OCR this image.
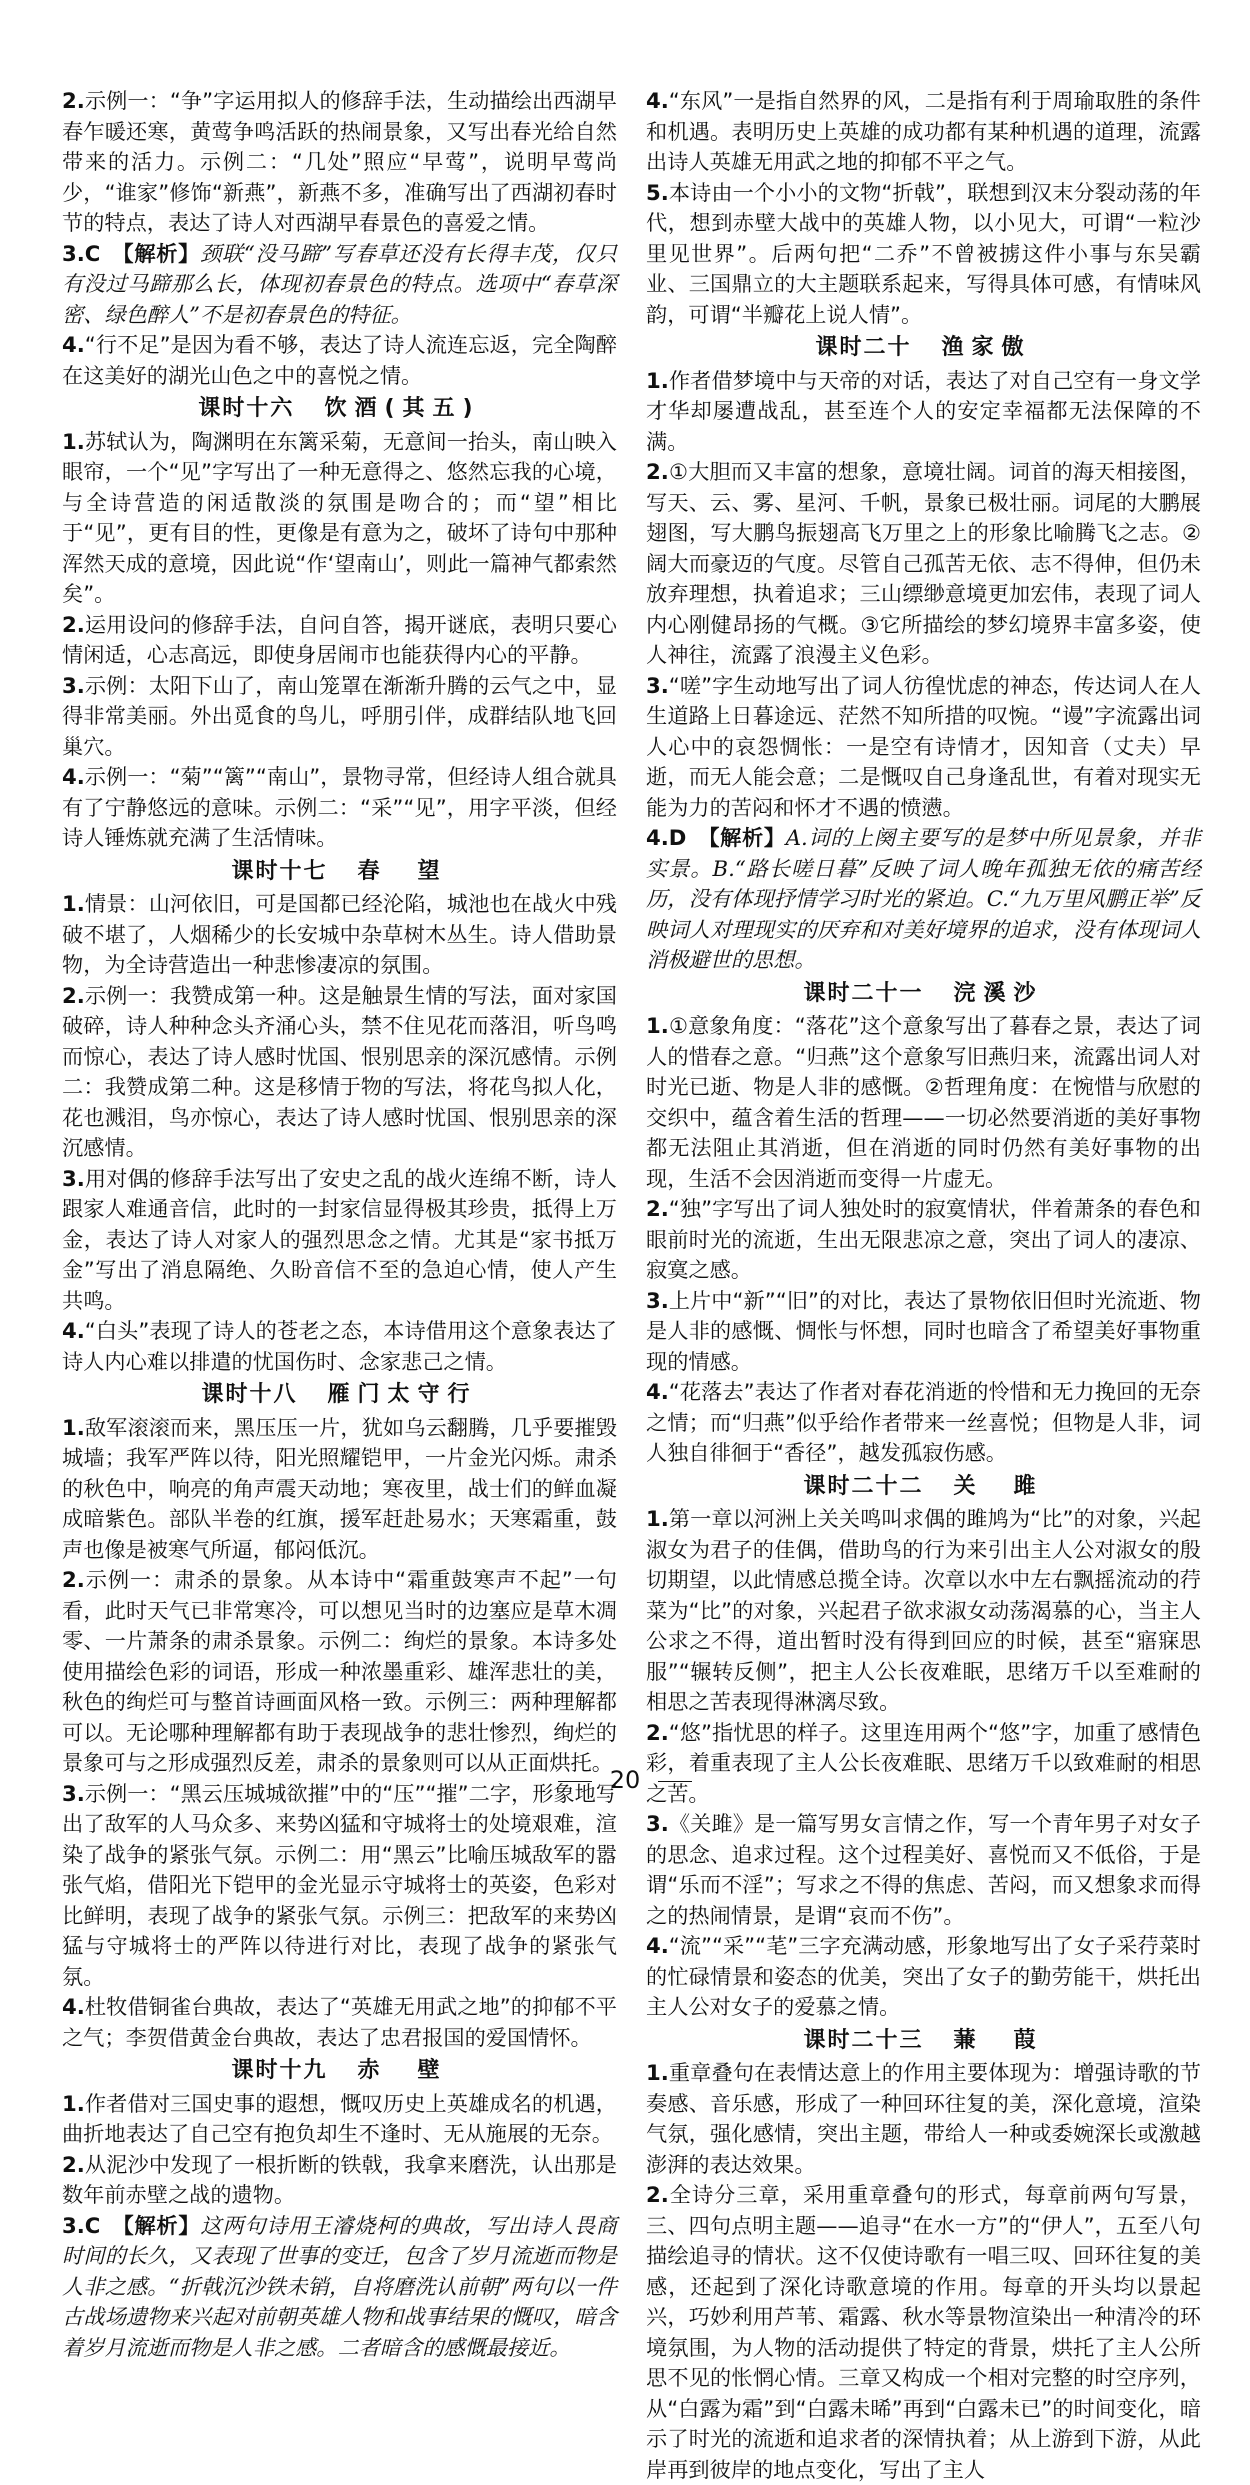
2.示例一：“争”字运用拟人的修辞手法，生动描绘出西湖早春乍暖还寒，黄莺争鸣活跃的热闹景象，又写出春光给自然带来的活力。示例二：“几处”照应“早莺”，说明早莺尚少，“谁家”修饰“新燕”，新燕不多，准确写出了西湖初春时节的特点，表达了诗人对西湖早春景色的喜爱之情。
3.C　【解析】颈联“没马蹄”写春草还没有长得丰茂，仅只有没过马蹄那么长，体现初春景色的特点。选项中“春草深密、绿色醉人”不是初春景色的特征。
4.“行不足”是因为看不够，表达了诗人流连忘返，完全陶醉在这美好的湖光山色之中的喜悦之情。
课时十六 饮酒(其五)
1.苏轼认为，陶渊明在东篱采菊，无意间一抬头，南山映入眼帘，一个“见”字写出了一种无意得之、悠然忘我的心境，与全诗营造的闲适散淡的氛围是吻合的；而“望”相比于“见”，更有目的性，更像是有意为之，破坏了诗句中那种浑然天成的意境，因此说“作‘望南山’，则此一篇神气都索然矣”。
2.运用设问的修辞手法，自问自答，揭开谜底，表明只要心情闲适，心志高远，即使身居闹市也能获得内心的平静。
3.示例：太阳下山了，南山笼罩在渐渐升腾的云气之中，显得非常美丽。外出觅食的鸟儿，呼朋引伴，成群结队地飞回巢穴。
4.示例一：“菊”“篱”“南山”，景物寻常，但经诗人组合就具有了宁静悠远的意味。示例二：“采”“见”，用字平淡，但经诗人锤炼就充满了生活情味。
课时十七 春　望
1.情景：山河依旧，可是国都已经沦陷，城池也在战火中残破不堪了，人烟稀少的长安城中杂草树木丛生。诗人借助景物，为全诗营造出一种悲惨凄凉的氛围。
2.示例一：我赞成第一种。这是触景生情的写法，面对家国破碎，诗人种种念头齐涌心头，禁不住见花而落泪，听鸟鸣而惊心，表达了诗人感时忧国、恨别思亲的深沉感情。示例二：我赞成第二种。这是移情于物的写法，将花鸟拟人化，花也溅泪，鸟亦惊心，表达了诗人感时忧国、恨别思亲的深沉感情。
3.用对偶的修辞手法写出了安史之乱的战火连绵不断，诗人跟家人难通音信，此时的一封家信显得极其珍贵，抵得上万金，表达了诗人对家人的强烈思念之情。尤其是“家书抵万金”写出了消息隔绝、久盼音信不至的急迫心情，使人产生共鸣。
4.“白头”表现了诗人的苍老之态，本诗借用这个意象表达了诗人内心难以排遣的忧国伤时、念家悲己之情。
课时十八 雁门太守行
1.敌军滚滚而来，黑压压一片，犹如乌云翻腾，几乎要摧毁城墙；我军严阵以待，阳光照耀铠甲，一片金光闪烁。肃杀的秋色中，响亮的角声震天动地；寒夜里，战士们的鲜血凝成暗紫色。部队半卷的红旗，援军赶赴易水；天寒霜重，鼓声也像是被寒气所逼，郁闷低沉。
2.示例一：肃杀的景象。从本诗中“霜重鼓寒声不起”一句看，此时天气已非常寒冷，可以想见当时的边塞应是草木凋零、一片萧条的肃杀景象。示例二：绚烂的景象。本诗多处使用描绘色彩的词语，形成一种浓墨重彩、雄浑悲壮的美，秋色的绚烂可与整首诗画面风格一致。示例三：两种理解都可以。无论哪种理解都有助于表现战争的悲壮惨烈，绚烂的景象可与之形成强烈反差，肃杀的景象则可以从正面烘托。
3.示例一：“黑云压城城欲摧”中的“压”“摧”二字，形象地写出了敌军的人马众多、来势凶猛和守城将士的处境艰难，渲染了战争的紧张气氛。示例二：用“黑云”比喻压城敌军的嚣张气焰，借阳光下铠甲的金光显示守城将士的英姿，色彩对比鲜明，表现了战争的紧张气氛。示例三：把敌军的来势凶猛与守城将士的严阵以待进行对比，表现了战争的紧张气氛。
4.杜牧借铜雀台典故，表达了“英雄无用武之地”的抑郁不平之气；李贺借黄金台典故，表达了忠君报国的爱国情怀。
课时十九 赤　壁
1.作者借对三国史事的遐想，慨叹历史上英雄成名的机遇，曲折地表达了自己空有抱负却生不逢时、无从施展的无奈。
2.从泥沙中发现了一根折断的铁戟，我拿来磨洗，认出那是数年前赤壁之战的遗物。
3.C　【解析】这两句诗用王濬烧柯的典故，写出诗人畏商时间的长久，又表现了世事的变迁，包含了岁月流逝而物是人非之感。“折戟沉沙铁未销，自将磨洗认前朝”两句以一件古战场遗物来兴起对前朝英雄人物和战事结果的慨叹，暗含着岁月流逝而物是人非之感。二者暗含的感慨最接近。
4.“东风”一是指自然界的风，二是指有利于周瑜取胜的条件和机遇。表明历史上英雄的成功都有某种机遇的道理，流露出诗人英雄无用武之地的抑郁不平之气。
5.本诗由一个小小的文物“折戟”，联想到汉末分裂动荡的年代，想到赤壁大战中的英雄人物，以小见大，可谓“一粒沙里见世界”。后两句把“二乔”不曾被掳这件小事与东吴霸业、三国鼎立的大主题联系起来，写得具体可感，有情味风韵，可谓“半瓣花上说人情”。
课时二十 渔家傲
1.作者借梦境中与天帝的对话，表达了对自己空有一身文学才华却屡遭战乱，甚至连个人的安定幸福都无法保障的不满。
2.①大胆而又丰富的想象，意境壮阔。词首的海天相接图，写天、云、雾、星河、千帆，景象已极壮丽。词尾的大鹏展翅图，写大鹏鸟振翅高飞万里之上的形象比喻腾飞之志。②阔大而豪迈的气度。尽管自己孤苦无依、志不得伸，但仍未放弃理想，执着追求；三山缥缈意境更加宏伟，表现了词人内心刚健昂扬的气概。③它所描绘的梦幻境界丰富多姿，使人神往，流露了浪漫主义色彩。
3.“嗟”字生动地写出了词人彷徨忧虑的神态，传达词人在人生道路上日暮途远、茫然不知所措的叹惋。“谩”字流露出词人心中的哀怨惆怅：一是空有诗情才，因知音（丈夫）早逝，而无人能会意；二是慨叹自己身逢乱世，有着对现实无能为力的苦闷和怀才不遇的愤懑。
4.D　【解析】A.词的上阕主要写的是梦中所见景象，并非实景。B.“路长嗟日暮”反映了词人晚年孤独无依的痛苦经历，没有体现抒情学习时光的紧迫。C.“九万里风鹏正举”反映词人对理现实的厌弃和对美好境界的追求，没有体现词人消极避世的思想。
课时二十一 浣溪沙
1.①意象角度：“落花”这个意象写出了暮春之景，表达了词人的惜春之意。“归燕”这个意象写旧燕归来，流露出词人对时光已逝、物是人非的感慨。②哲理角度：在惋惜与欣慰的交织中，蕴含着生活的哲理——一切必然要消逝的美好事物都无法阻止其消逝，但在消逝的同时仍然有美好事物的出现，生活不会因消逝而变得一片虚无。
2.“独”字写出了词人独处时的寂寞情状，伴着萧条的春色和眼前时光的流逝，生出无限悲凉之意，突出了词人的凄凉、寂寞之感。
3.上片中“新”“旧”的对比，表达了景物依旧但时光流逝、物是人非的感慨、惆怅与怀想，同时也暗含了希望美好事物重现的情感。
4.“花落去”表达了作者对春花消逝的怜惜和无力挽回的无奈之情；而“归燕”似乎给作者带来一丝喜悦；但物是人非，词人独自徘徊于“香径”，越发孤寂伤感。
课时二十二 关　雎
1.第一章以河洲上关关鸣叫求偶的雎鸠为“比”的对象，兴起淑女为君子的佳偶，借助鸟的行为来引出主人公对淑女的殷切期望，以此情感总揽全诗。次章以水中左右飘摇流动的荇菜为“比”的对象，兴起君子欲求淑女动荡渴慕的心，当主人公求之不得，道出暂时没有得到回应的时候，甚至“寤寐思服”“辗转反侧”，把主人公长夜难眠，思绪万千以至难耐的相思之苦表现得淋漓尽致。
2.“悠”指忧思的样子。这里连用两个“悠”字，加重了感情色彩，着重表现了主人公长夜难眠、思绪万千以致难耐的相思之苦。
3.《关雎》是一篇写男女言情之作，写一个青年男子对女子的思念、追求过程。这个过程美好、喜悦而又不低俗，于是谓“乐而不淫”；写求之不得的焦虑、苦闷，而又想象求而得之的热闹情景，是谓“哀而不伤”。
4.“流”“采”“芼”三字充满动感，形象地写出了女子采荇菜时的忙碌情景和姿态的优美，突出了女子的勤劳能干，烘托出主人公对女子的爱慕之情。
课时二十三 蒹　葭
1.重章叠句在表情达意上的作用主要体现为：增强诗歌的节奏感、音乐感，形成了一种回环往复的美，深化意境，渲染气氛，强化感情，突出主题，带给人一种或委婉深长或激越澎湃的表达效果。
2.全诗分三章，采用重章叠句的形式，每章前两句写景，三、四句点明主题——追寻“在水一方”的“伊人”，五至八句描绘追寻的情状。这不仅使诗歌有一唱三叹、回环往复的美感，还起到了深化诗歌意境的作用。每章的开头均以景起兴，巧妙利用芦苇、霜露、秋水等景物渲染出一种清冷的环境氛围，为人物的活动提供了特定的背景，烘托了主人公所思不见的怅惘心情。三章又构成一个相对完整的时空序列，从“白露为霜”到“白露未晞”再到“白露未已”的时间变化，暗示了时光的流逝和追求者的深情执着；从上游到下游，从此岸再到彼岸的地点变化，写出了主人
20
